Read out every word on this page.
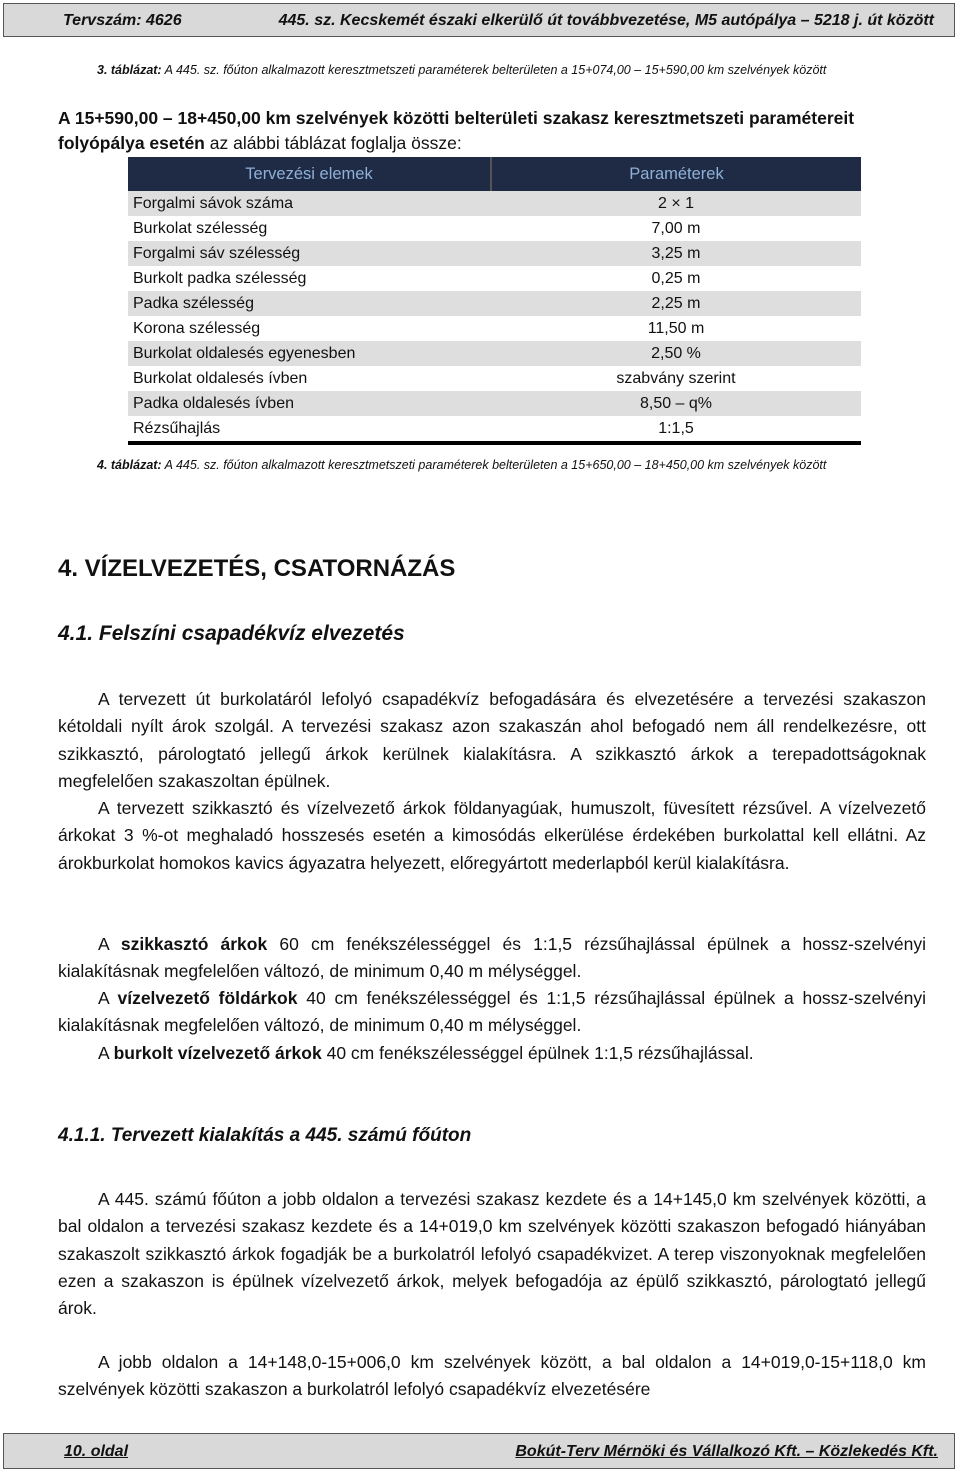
Tervszám: 4626	445. sz. Kecskemét északi elkerülő út továbbvezetése, M5 autópálya – 5218 j. út között
3. táblázat: A 445. sz. főúton alkalmazott keresztmetszeti paraméterek belterületen a 15+074,00 – 15+590,00 km szelvények között
A 15+590,00 – 18+450,00 km szelvények közötti belterületi szakasz keresztmetszeti paramétereit folyópálya esetén az alábbi táblázat foglalja össze:
Tervezési elemek	Paraméterek
Forgalmi sávok száma	2 × 1
Burkolat szélesség	7,00 m
Forgalmi sáv szélesség	3,25 m
Burkolt padka szélesség	0,25 m
Padka szélesség	2,25 m
Korona szélesség	11,50 m
Burkolat oldalesés egyenesben	2,50 %
Burkolat oldalesés ívben	szabvány szerint
Padka oldalesés ívben	8,50 – q%
Rézsűhajlás	1:1,5
4. táblázat: A 445. sz. főúton alkalmazott keresztmetszeti paraméterek belterületen a 15+650,00 – 18+450,00 km szelvények között
4. VÍZELVEZETÉS, CSATORNÁZÁS
4.1. Felszíni csapadékvíz elvezetés
A tervezett út burkolatáról lefolyó csapadékvíz befogadására és elvezetésére a tervezési szakaszon kétoldali nyílt árok szolgál. A tervezési szakasz azon szakaszán ahol befogadó nem áll rendelkezésre, ott szikkasztó, párologtató jellegű árkok kerülnek kialakításra. A szikkasztó árkok a terepadottságoknak megfelelően szakaszoltan épülnek.
A tervezett szikkasztó és vízelvezető árkok földanyagúak, humuszolt, füvesített rézsűvel. A vízelvezető árkokat 3 %-ot meghaladó hosszesés esetén a kimosódás elkerülése érdekében burkolattal kell ellátni. Az árokburkolat homokos kavics ágyazatra helyezett, előregyártott mederlapból kerül kialakításra.
A szikkasztó árkok 60 cm fenékszélességgel és 1:1,5 rézsűhajlással épülnek a hossz-szelvényi kialakításnak megfelelően változó, de minimum 0,40 m mélységgel.
A vízelvezető földárkok 40 cm fenékszélességgel és 1:1,5 rézsűhajlással épülnek a hossz-szelvényi kialakításnak megfelelően változó, de minimum 0,40 m mélységgel.
A burkolt vízelvezető árkok 40 cm fenékszélességgel épülnek 1:1,5 rézsűhajlással.
4.1.1. Tervezett kialakítás a 445. számú főúton
A 445. számú főúton a jobb oldalon a tervezési szakasz kezdete és a 14+145,0 km szelvények közötti, a bal oldalon a tervezési szakasz kezdete és a 14+019,0 km szelvények közötti szakaszon befogadó hiányában szakaszolt szikkasztó árkok fogadják be a burkolatról lefolyó csapadékvizet. A terep viszonyoknak megfelelően ezen a szakaszon is épülnek vízelvezető árkok, melyek befogadója az épülő szikkasztó, párologtató jellegű árok.
A jobb oldalon a 14+148,0-15+006,0 km szelvények között, a bal oldalon a 14+019,0-15+118,0 km szelvények közötti szakaszon a burkolatról lefolyó csapadékvíz elvezetésére
10. oldal	Bokút-Terv Mérnöki és Vállalkozó Kft. – Közlekedés Kft.
